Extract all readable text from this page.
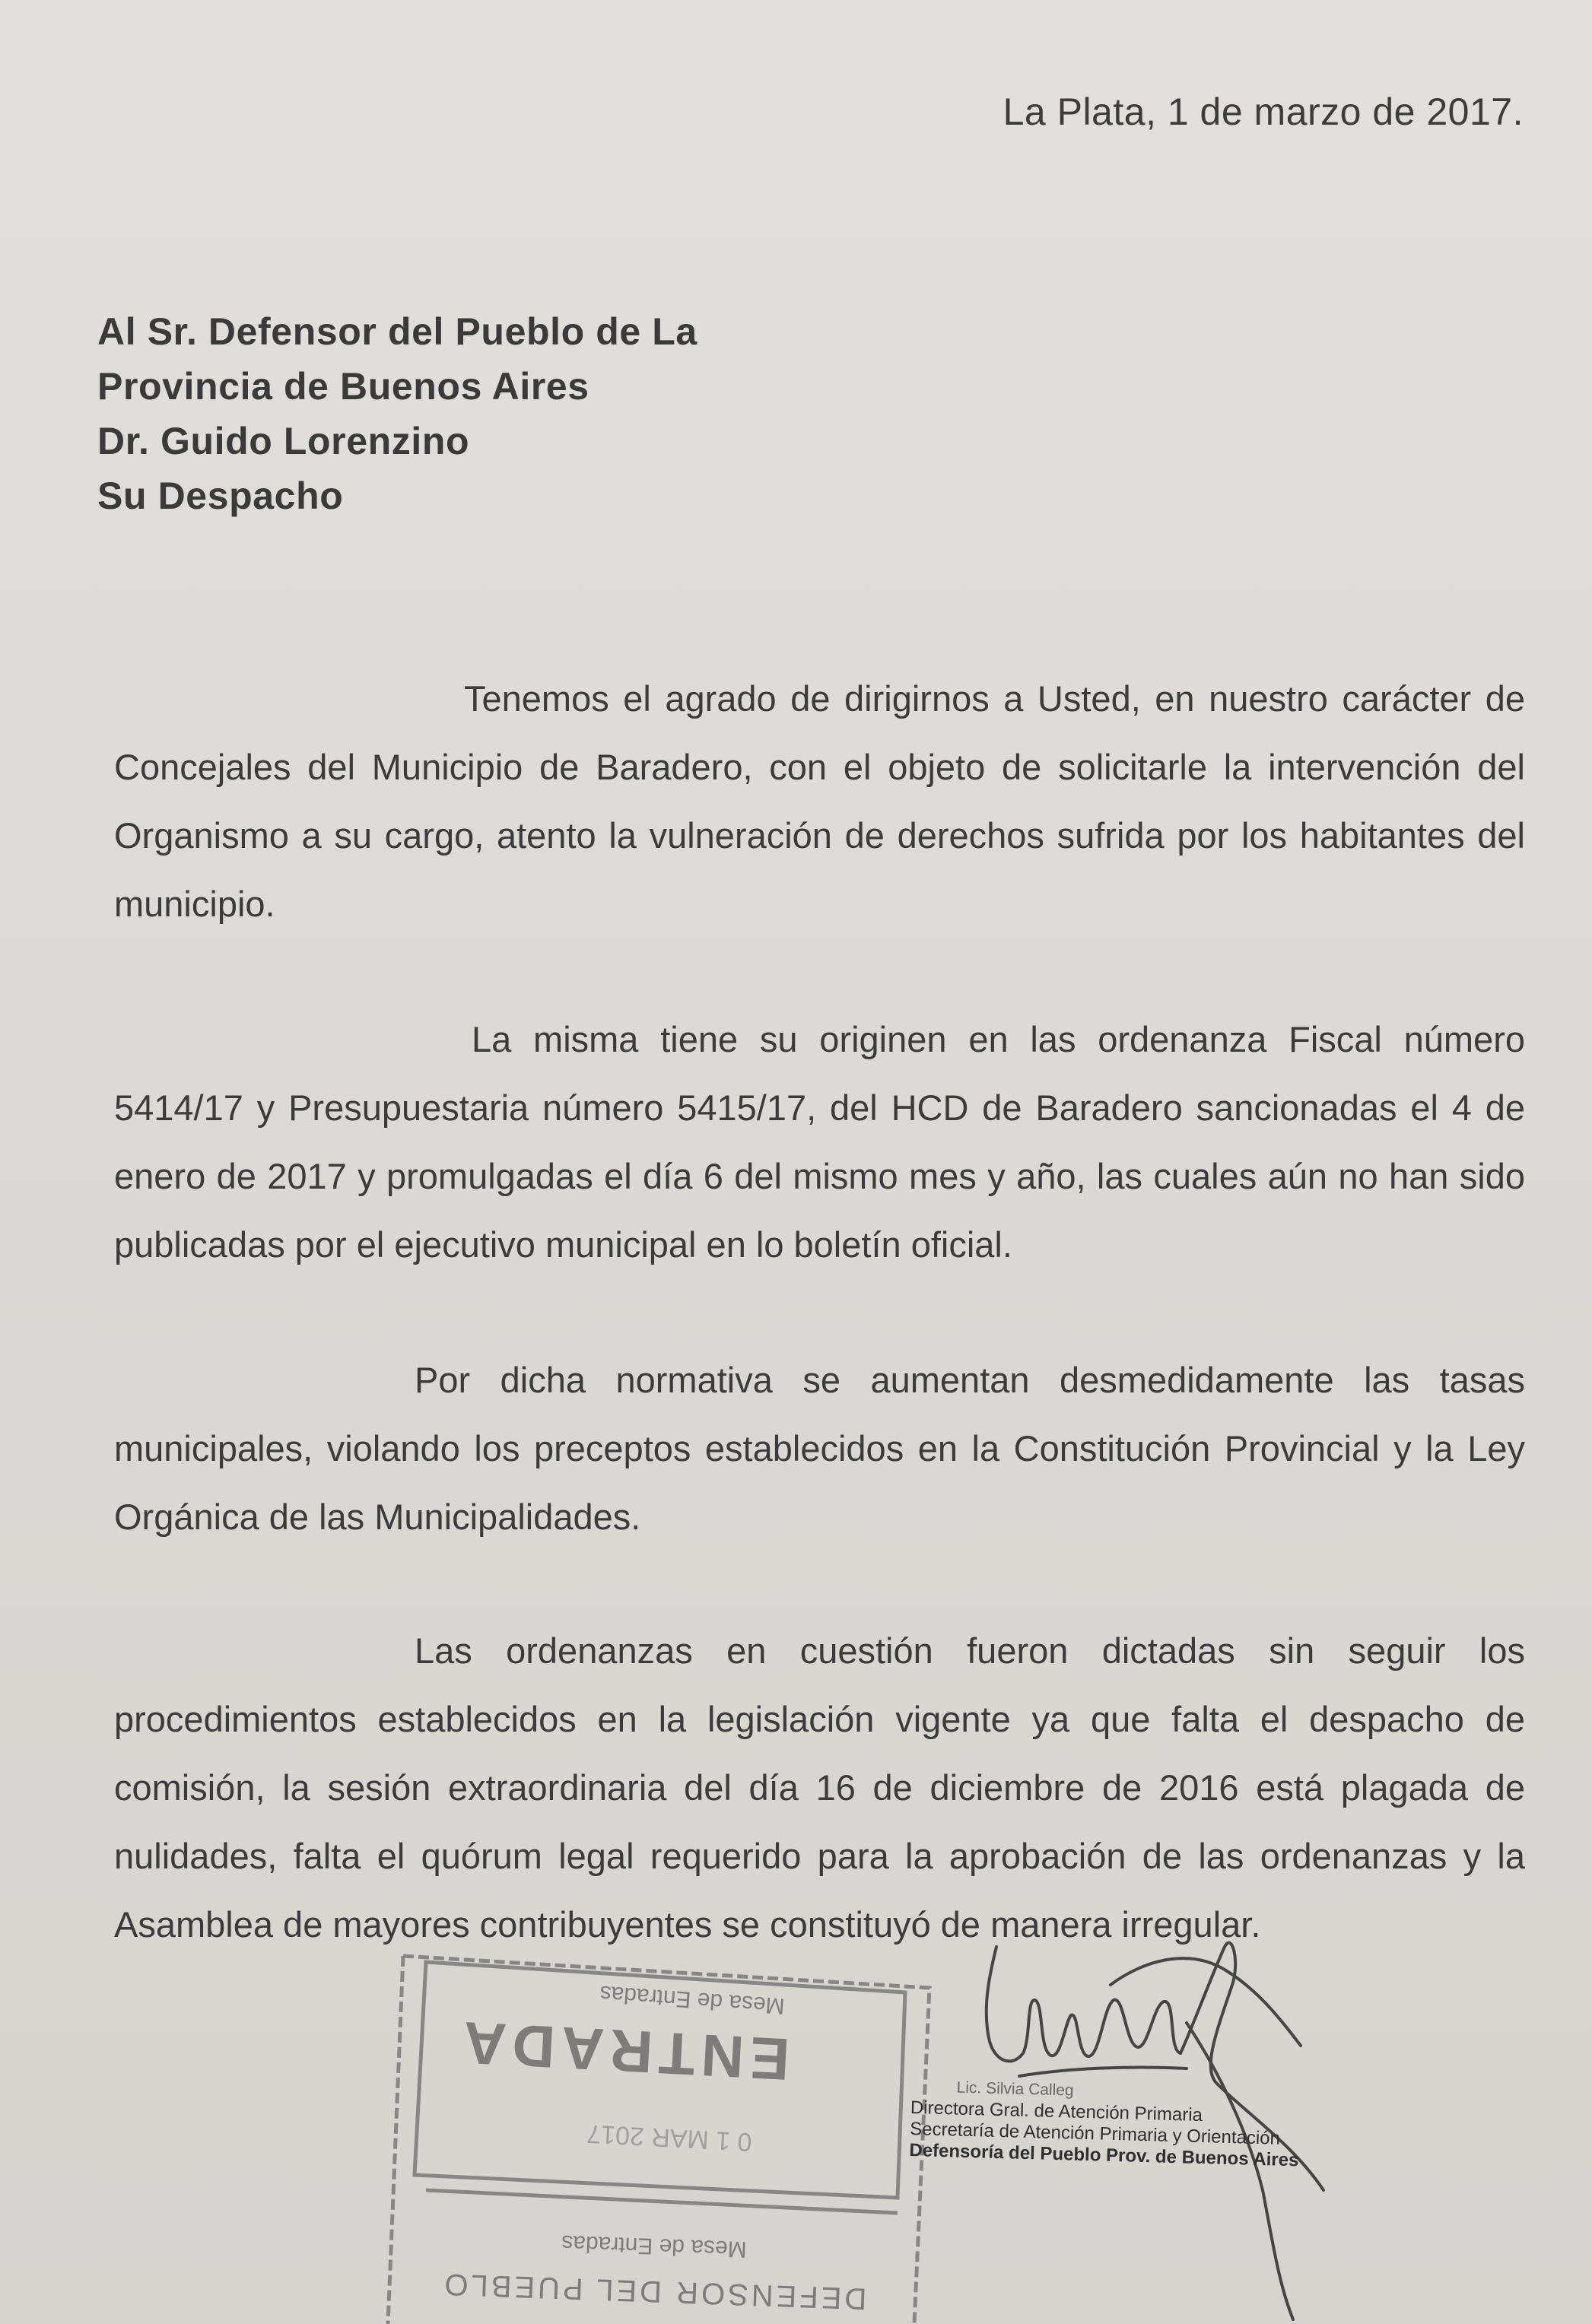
La Plata, 1 de marzo de 2017.
Al Sr. Defensor del Pueblo de La
Provincia de Buenos Aires
Dr. Guido Lorenzino
Su Despacho

Tenemos el agrado de dirigirnos a Usted, en nuestro carácter de Concejales del Municipio de Baradero, con el objeto de solicitarle la intervención del Organismo a su cargo, atento la vulneración de derechos sufrida por los habitantes del municipio.

La misma tiene su originen en las ordenanza Fiscal número 5414/17 y Presupuestaria número 5415/17, del HCD de Baradero sancionadas el 4 de enero de 2017 y promulgadas el día 6 del mismo mes y año, las cuales aún no han sido publicadas por el ejecutivo municipal en lo boletín oficial.

Por dicha normativa se aumentan desmedidamente las tasas municipales, violando los preceptos establecidos en la Constitución Provincial y la Ley Orgánica de las Municipalidades.

Las ordenanzas en cuestión fueron dictadas sin seguir los procedimientos establecidos en la legislación vigente ya que falta el despacho de comisión, la sesión extraordinaria del día 16 de diciembre de 2016 está plagada de nulidades, falta el quórum legal requerido para la aprobación de las ordenanzas y la Asamblea de mayores contribuyentes se constituyó de manera irregular.

Mesa de Entradas
ENTRADA
0 1 MAR 2017
Mesa de Entradas
DEFENSOR DEL PUEBLO
Lic. Silvia Calleg
Directora Gral. de Atención Primaria
Secretaría de Atención Primaria y Orientación
Defensoría del Pueblo Prov. de Buenos Aires
